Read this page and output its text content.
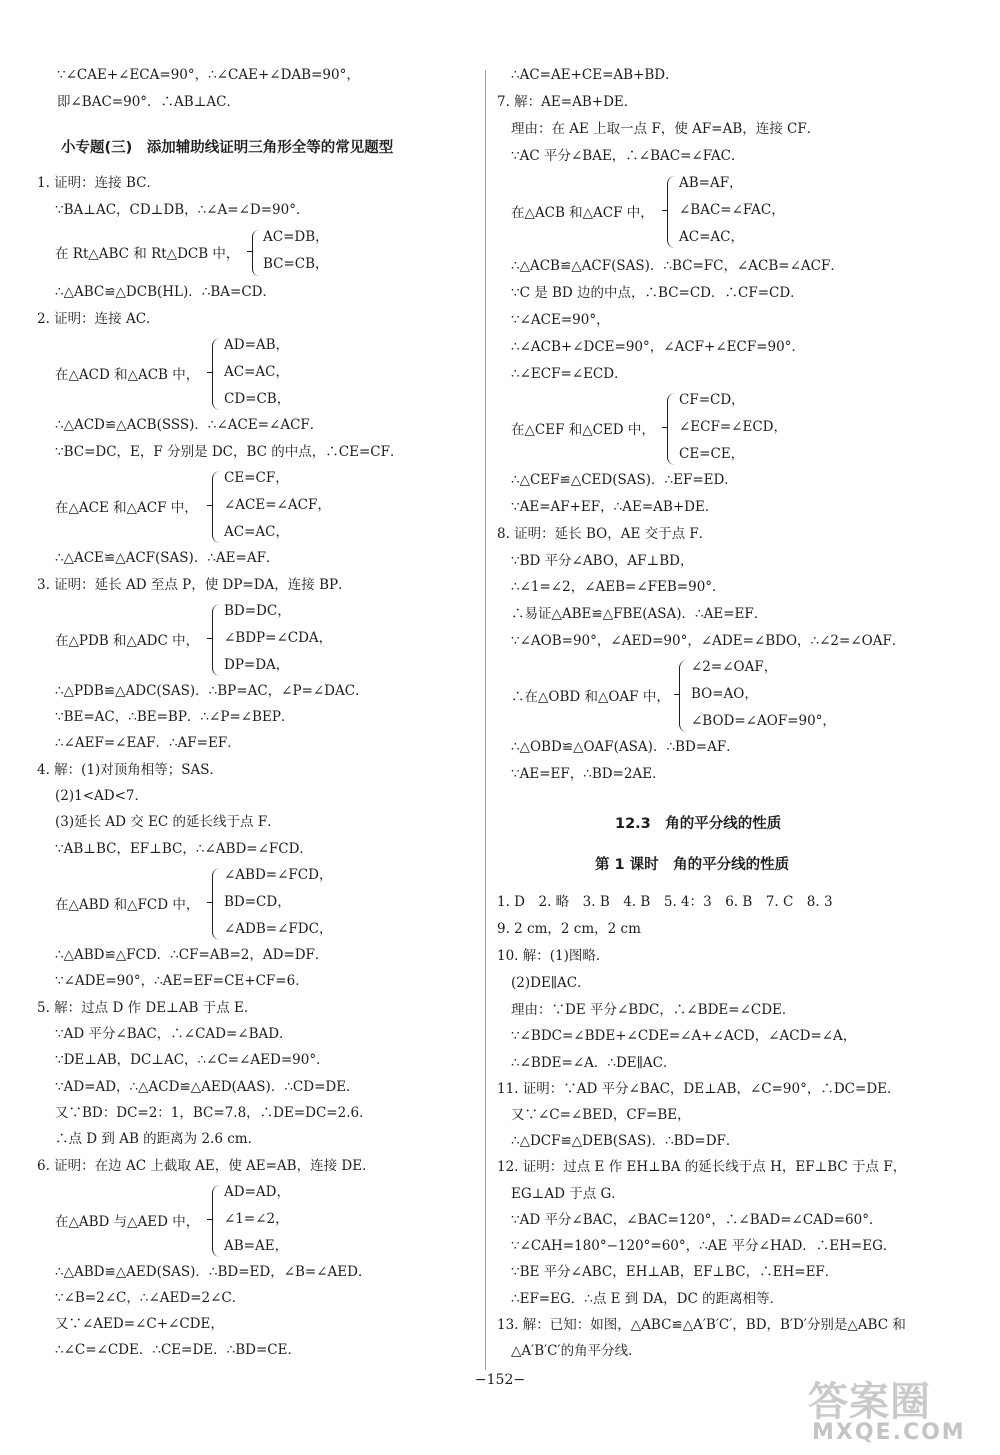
∵∠CAE+∠ECA=90°，∴∠CAE+∠DAB=90°，
即∠BAC=90°．∴AB⊥AC．
小专题(三)　添加辅助线证明三角形全等的常见题型
1. 证明：连接 BC．
∵BA⊥AC，CD⊥DB，∴∠A=∠D=90°．
在 Rt△ABC 和 Rt△DCB 中，
AC=DB，
BC=CB，
∴△ABC≌△DCB(HL)．∴BA=CD．
2. 证明：连接 AC．
在△ACD 和△ACB 中，
AD=AB，
AC=AC，
CD=CB，
∴△ACD≌△ACB(SSS)．∴∠ACE=∠ACF．
∵BC=DC，E，F 分别是 DC，BC 的中点，∴CE=CF．
在△ACE 和△ACF 中，
CE=CF，
∠ACE=∠ACF，
AC=AC，
∴△ACE≌△ACF(SAS)．∴AE=AF．
3. 证明：延长 AD 至点 P，使 DP=DA，连接 BP．
在△PDB 和△ADC 中，
BD=DC，
∠BDP=∠CDA，
DP=DA，
∴△PDB≌△ADC(SAS)．∴BP=AC，∠P=∠DAC．
∵BE=AC，∴BE=BP．∴∠P=∠BEP．
∴∠AEF=∠EAF．∴AF=EF．
4. 解：(1)对顶角相等；SAS．
(2)1<AD<7．
(3)延长 AD 交 EC 的延长线于点 F．
∵AB⊥BC，EF⊥BC，∴∠ABD=∠FCD．
在△ABD 和△FCD 中，
∠ABD=∠FCD，
BD=CD，
∠ADB=∠FDC，
∴△ABD≌△FCD．∴CF=AB=2，AD=DF．
∵∠ADE=90°，∴AE=EF=CE+CF=6．
5. 解：过点 D 作 DE⊥AB 于点 E．
∵AD 平分∠BAC，∴∠CAD=∠BAD．
∵DE⊥AB，DC⊥AC，∴∠C=∠AED=90°．
∵AD=AD，∴△ACD≌△AED(AAS)．∴CD=DE．
又∵BD：DC=2：1，BC=7.8，∴DE=DC=2.6．
∴点 D 到 AB 的距离为 2.6 cm．
6. 证明：在边 AC 上截取 AE，使 AE=AB，连接 DE．
在△ABD 与△AED 中，
AD=AD，
∠1=∠2，
AB=AE，
∴△ABD≌△AED(SAS)．∴BD=ED，∠B=∠AED．
∵∠B=2∠C，∴∠AED=2∠C．
又∵∠AED=∠C+∠CDE，
∴∠C=∠CDE．∴CE=DE．∴BD=CE．
∴AC=AE+CE=AB+BD．
7. 解：AE=AB+DE．
理由：在 AE 上取一点 F，使 AF=AB，连接 CF．
∵AC 平分∠BAE，∴∠BAC=∠FAC．
在△ACB 和△ACF 中，
AB=AF，
∠BAC=∠FAC，
AC=AC，
∴△ACB≌△ACF(SAS)．∴BC=FC，∠ACB=∠ACF．
∵C 是 BD 边的中点，∴BC=CD．∴CF=CD．
∵∠ACE=90°，
∴∠ACB+∠DCE=90°，∠ACF+∠ECF=90°．
∴∠ECF=∠ECD．
在△CEF 和△CED 中，
CF=CD，
∠ECF=∠ECD，
CE=CE，
∴△CEF≌△CED(SAS)．∴EF=ED．
∵AE=AF+EF，∴AE=AB+DE．
8. 证明：延长 BO，AE 交于点 F．
∵BD 平分∠ABO，AF⊥BD，
∴∠1=∠2，∠AEB=∠FEB=90°．
∴易证△ABE≌△FBE(ASA)．∴AE=EF．
∵∠AOB=90°，∠AED=90°，∠ADE=∠BDO，∴∠2=∠OAF．
∴在△OBD 和△OAF 中，
∠2=∠OAF，
BO=AO，
∠BOD=∠AOF=90°，
∴△OBD≌△OAF(ASA)．∴BD=AF．
∵AE=EF，∴BD=2AE．
12.3　角的平分线的性质
第 1 课时　角的平分线的性质
1. D　2. 略　3. B　4. B　5. 4：3　6. B　7. C　8. 3
9. 2 cm，2 cm，2 cm
10. 解：(1)图略．
(2)DE∥AC．
理由：∵DE 平分∠BDC，∴∠BDE=∠CDE．
∵∠BDC=∠BDE+∠CDE=∠A+∠ACD，∠ACD=∠A，
∴∠BDE=∠A．∴DE∥AC．
11. 证明：∵AD 平分∠BAC，DE⊥AB，∠C=90°，∴DC=DE．
又∵∠C=∠BED，CF=BE，
∴△DCF≌△DEB(SAS)．∴BD=DF．
12. 证明：过点 E 作 EH⊥BA 的延长线于点 H，EF⊥BC 于点 F，
EG⊥AD 于点 G．
∵AD 平分∠BAC，∠BAC=120°，∴∠BAD=∠CAD=60°．
∵∠CAH=180°−120°=60°，∴AE 平分∠HAD．∴EH=EG．
∵BE 平分∠ABC，EH⊥AB，EF⊥BC，∴EH=EF．
∴EF=EG．∴点 E 到 DA，DC 的距离相等．
13. 解：已知：如图，△ABC≌△A′B′C′，BD，B′D′分别是△ABC 和
△A′B′C′的角平分线．
−152−	答案圈
MXQE.COM
